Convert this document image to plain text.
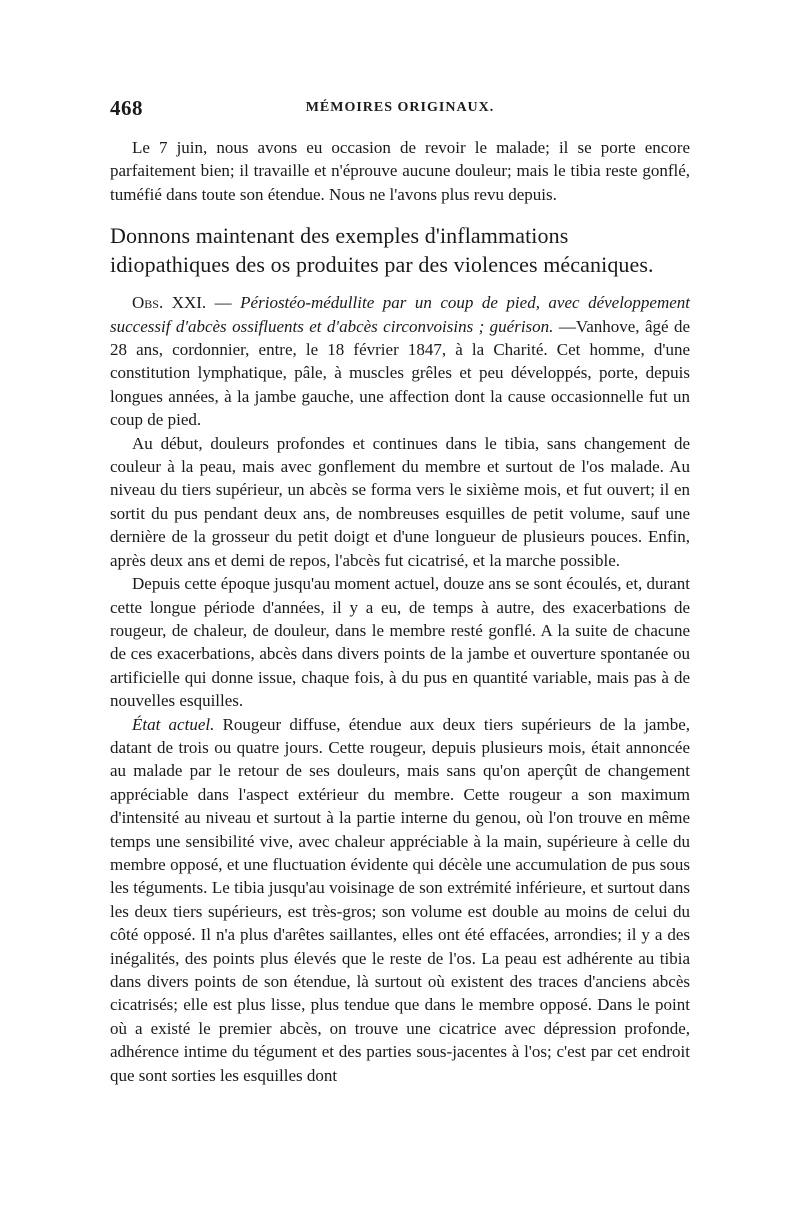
468	MÉMOIRES ORIGINAUX.

Le 7 juin, nous avons eu occasion de revoir le malade; il se porte encore parfaitement bien; il travaille et n'éprouve aucune douleur; mais le tibia reste gonflé, tuméfié dans toute son étendue. Nous ne l'avons plus revu depuis.

Donnons maintenant des exemples d'inflammations idiopathiques des os produites par des violences mécaniques.

Obs. XXI. — Périostéo-médullite par un coup de pied, avec développement successif d'abcès ossifluents et d'abcès circonvoisins ; guérison. —Vanhove, âgé de 28 ans, cordonnier, entre, le 18 février 1847, à la Charité. Cet homme, d'une constitution lymphatique, pâle, à muscles grêles et peu développés, porte, depuis longues années, à la jambe gauche, une affection dont la cause occasionnelle fut un coup de pied.

Au début, douleurs profondes et continues dans le tibia, sans changement de couleur à la peau, mais avec gonflement du membre et surtout de l'os malade. Au niveau du tiers supérieur, un abcès se forma vers le sixième mois, et fut ouvert; il en sortit du pus pendant deux ans, de nombreuses esquilles de petit volume, sauf une dernière de la grosseur du petit doigt et d'une longueur de plusieurs pouces. Enfin, après deux ans et demi de repos, l'abcès fut cicatrisé, et la marche possible.

Depuis cette époque jusqu'au moment actuel, douze ans se sont écoulés, et, durant cette longue période d'années, il y a eu, de temps à autre, des exacerbations de rougeur, de chaleur, de douleur, dans le membre resté gonflé. A la suite de chacune de ces exacerbations, abcès dans divers points de la jambe et ouverture spontanée ou artificielle qui donne issue, chaque fois, à du pus en quantité variable, mais pas à de nouvelles esquilles.

État actuel. Rougeur diffuse, étendue aux deux tiers supérieurs de la jambe, datant de trois ou quatre jours. Cette rougeur, depuis plusieurs mois, était annoncée au malade par le retour de ses douleurs, mais sans qu'on aperçût de changement appréciable dans l'aspect extérieur du membre. Cette rougeur a son maximum d'intensité au niveau et surtout à la partie interne du genou, où l'on trouve en même temps une sensibilité vive, avec chaleur appréciable à la main, supérieure à celle du membre opposé, et une fluctuation évidente qui décèle une accumulation de pus sous les téguments. Le tibia jusqu'au voisinage de son extrémité inférieure, et surtout dans les deux tiers supérieurs, est très-gros; son volume est double au moins de celui du côté opposé. Il n'a plus d'arêtes saillantes, elles ont été effacées, arrondies; il y a des inégalités, des points plus élevés que le reste de l'os. La peau est adhérente au tibia dans divers points de son étendue, là surtout où existent des traces d'anciens abcès cicatrisés; elle est plus lisse, plus tendue que dans le membre opposé. Dans le point où a existé le premier abcès, on trouve une cicatrice avec dépression profonde, adhérence intime du tégument et des parties sous-jacentes à l'os; c'est par cet endroit que sont sorties les esquilles dont
